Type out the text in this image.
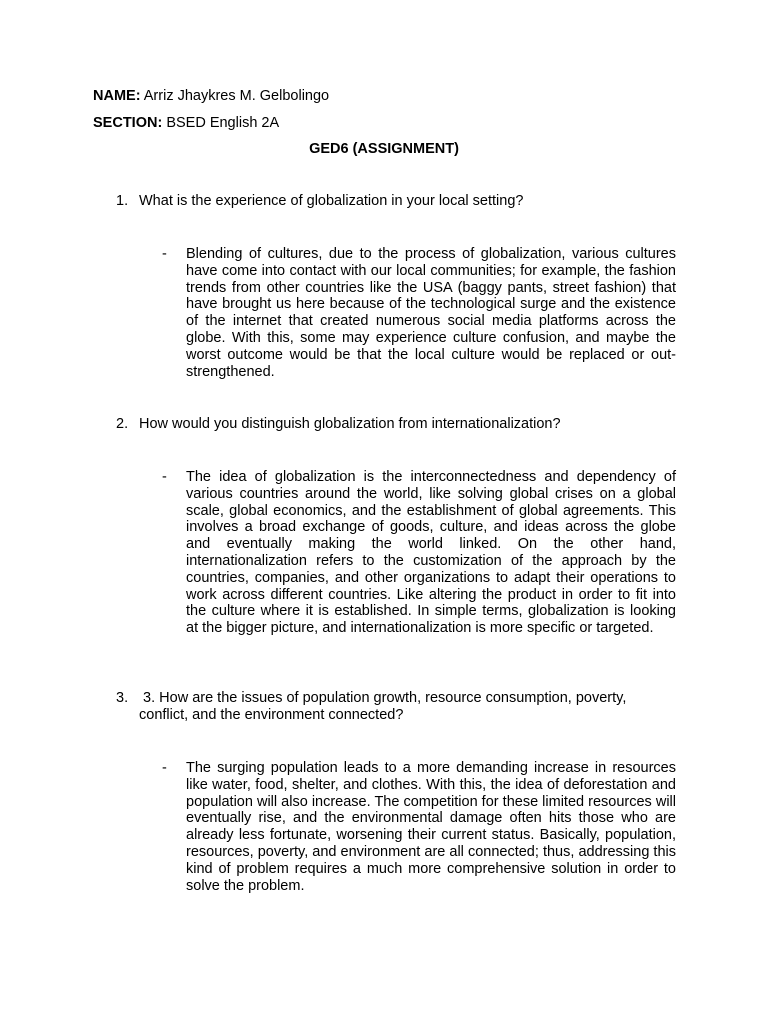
NAME: Arriz Jhaykres M. Gelbolingo
SECTION: BSED English 2A
GED6 (ASSIGNMENT)
1. What is the experience of globalization in your local setting?
- Blending of cultures, due to the process of globalization, various cultures have come into contact with our local communities; for example, the fashion trends from other countries like the USA (baggy pants, street fashion) that have brought us here because of the technological surge and the existence of the internet that created numerous social media platforms across the globe. With this, some may experience culture confusion, and maybe the worst outcome would be that the local culture would be replaced or out-strengthened.
2. How would you distinguish globalization from internationalization?
- The idea of globalization is the interconnectedness and dependency of various countries around the world, like solving global crises on a global scale, global economics, and the establishment of global agreements. This involves a broad exchange of goods, culture, and ideas across the globe and eventually making the world linked. On the other hand, internationalization refers to the customization of the approach by the countries, companies, and other organizations to adapt their operations to work across different countries. Like altering the product in order to fit into the culture where it is established. In simple terms, globalization is looking at the bigger picture, and internationalization is more specific or targeted.
3. 3. How are the issues of population growth, resource consumption, poverty, conflict, and the environment connected?
- The surging population leads to a more demanding increase in resources like water, food, shelter, and clothes. With this, the idea of deforestation and population will also increase. The competition for these limited resources will eventually rise, and the environmental damage often hits those who are already less fortunate, worsening their current status. Basically, population, resources, poverty, and environment are all connected; thus, addressing this kind of problem requires a much more comprehensive solution in order to solve the problem.
